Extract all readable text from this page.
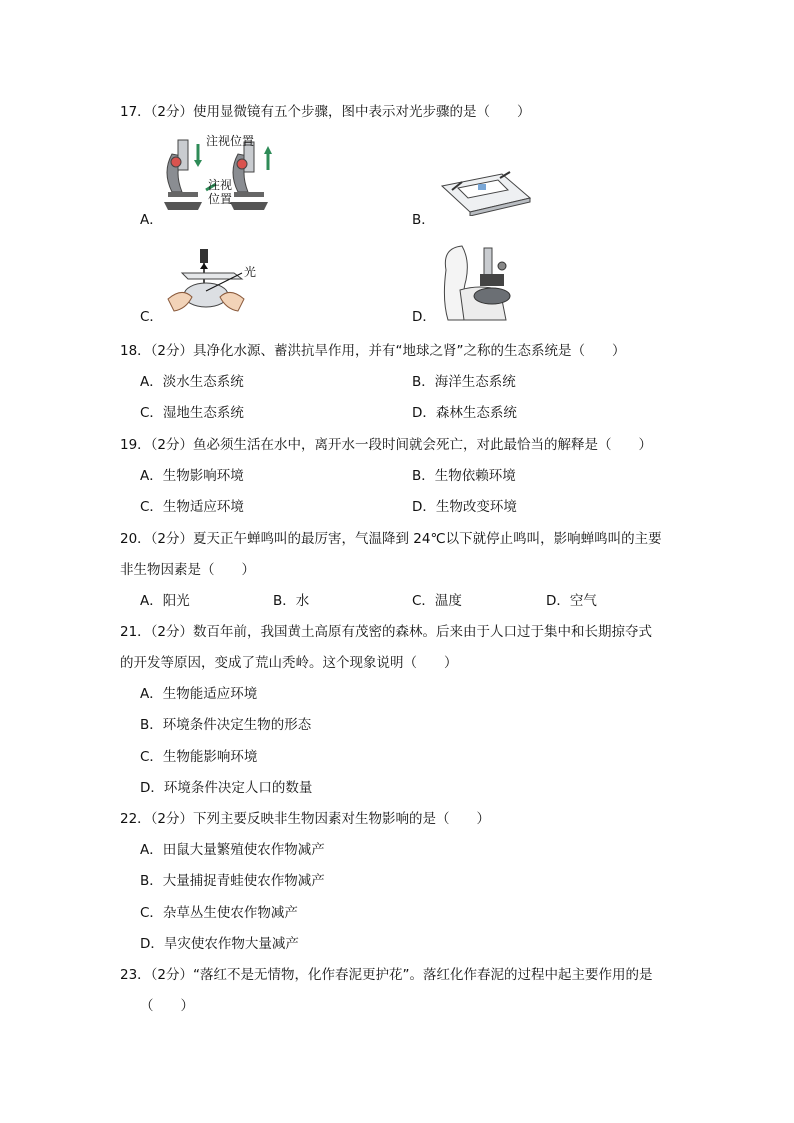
17．（2分）使用显微镜有五个步骤，图中表示对光步骤的是（　　）
A．
注视位置
注视
位置
B．
C．
光
D．
18．（2分）具净化水源、蓄洪抗旱作用，并有“地球之肾”之称的生态系统是（　　）
A．淡水生态系统	B．海洋生态系统
C．湿地生态系统	D．森林生态系统
19．（2分）鱼必须生活在水中，离开水一段时间就会死亡，对此最恰当的解释是（　　）
A．生物影响环境	B．生物依赖环境
C．生物适应环境	D．生物改变环境
20．（2分）夏天正午蝉鸣叫的最厉害，气温降到 24℃以下就停止鸣叫，影响蝉鸣叫的主要
非生物因素是（　　）
A．阳光	B．水	C．温度	D．空气
21．（2分）数百年前，我国黄土高原有茂密的森林。后来由于人口过于集中和长期掠夺式
的开发等原因，变成了荒山秃岭。这个现象说明（　　）
A．生物能适应环境
B．环境条件决定生物的形态
C．生物能影响环境
D．环境条件决定人口的数量
22．（2分）下列主要反映非生物因素对生物影响的是（　　）
A．田鼠大量繁殖使农作物减产
B．大量捕捉青蛙使农作物减产
C．杂草丛生使农作物减产
D．旱灾使农作物大量减产
23．（2分）“落红不是无情物，化作春泥更护花”。落红化作春泥的过程中起主要作用的是
（　　）
